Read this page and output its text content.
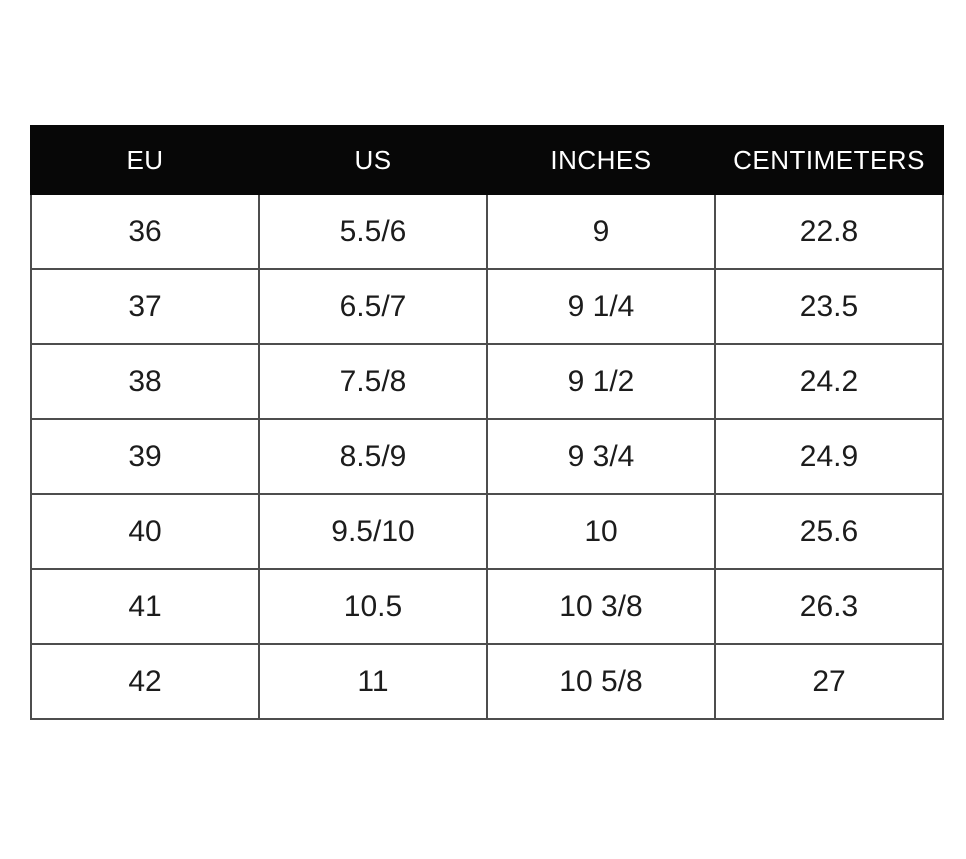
EU	US	INCHES	CENTIMETERS
36	5.5/6	9	22.8
37	6.5/7	9 1/4	23.5
38	7.5/8	9 1/2	24.2
39	8.5/9	9 3/4	24.9
40	9.5/10	10	25.6
41	10.5	10 3/8	26.3
42	11	10 5/8	27
